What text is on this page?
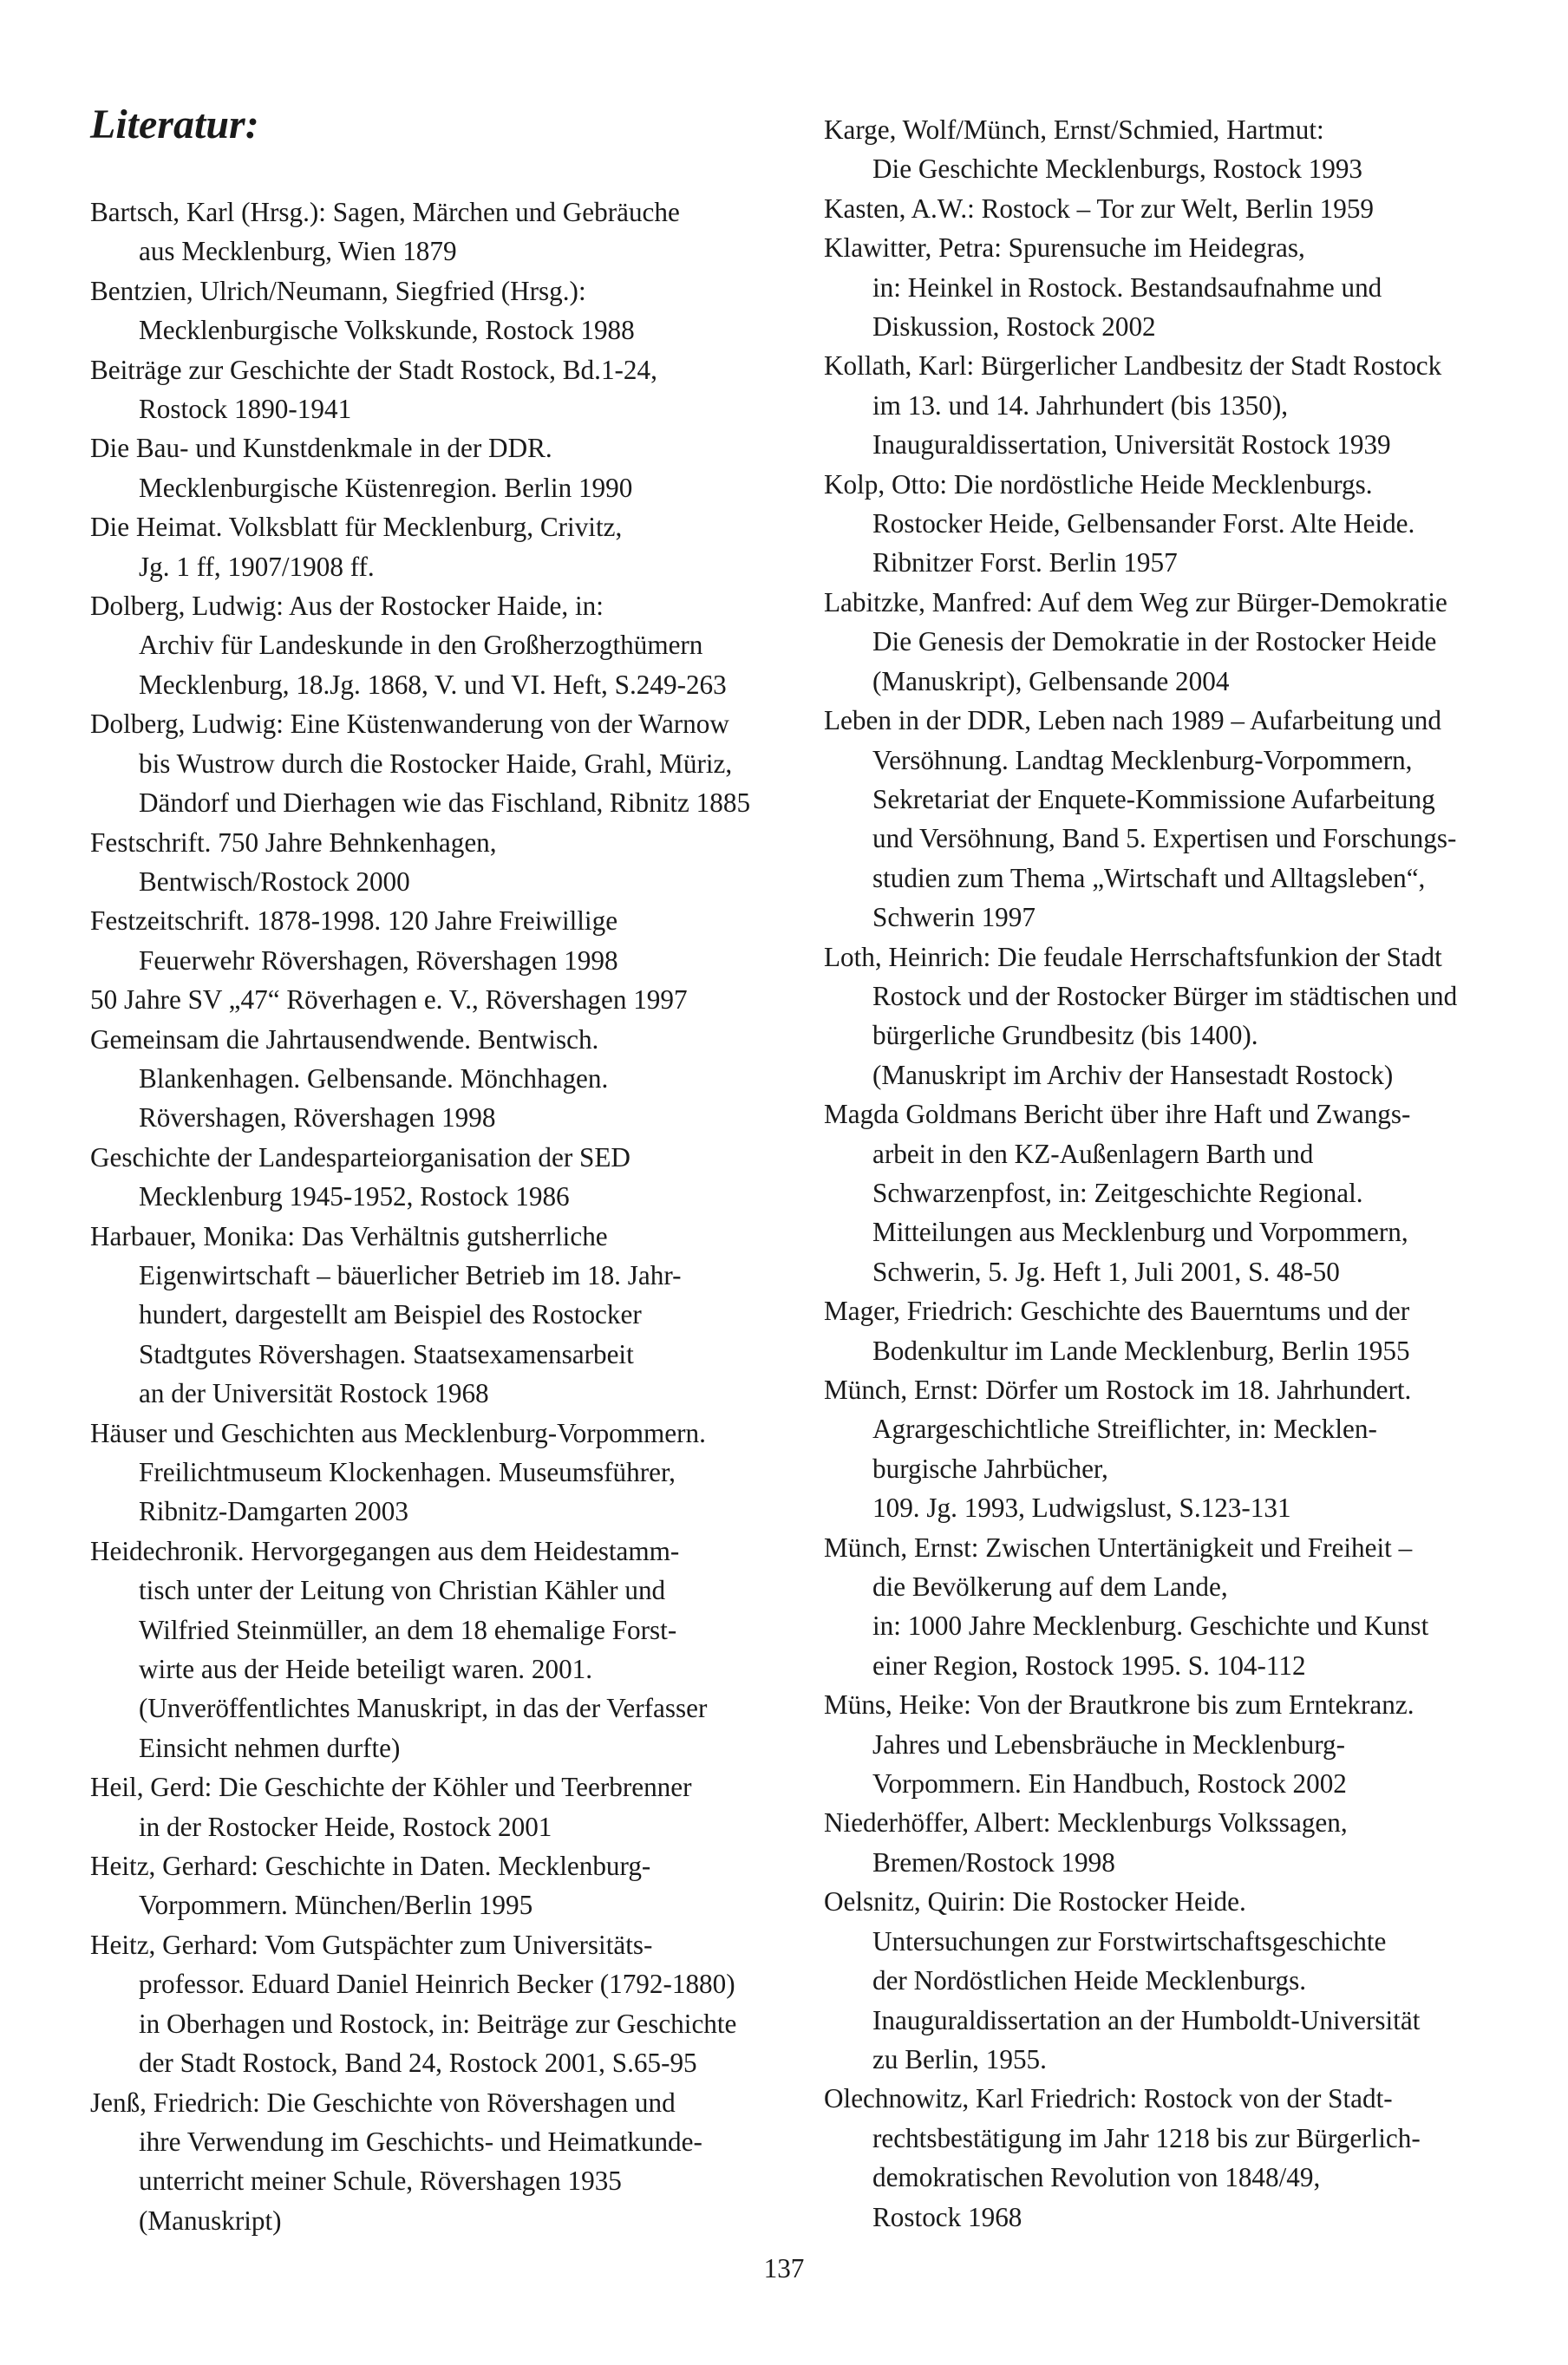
Literatur:
Bartsch, Karl (Hrsg.): Sagen, Märchen und Gebräuche
aus Mecklenburg, Wien 1879
Bentzien, Ulrich/Neumann, Siegfried (Hrsg.):
Mecklenburgische Volkskunde, Rostock 1988
Beiträge zur Geschichte der Stadt Rostock, Bd.1-24,
Rostock 1890-1941
Die Bau- und Kunstdenkmale in der DDR.
Mecklenburgische Küstenregion. Berlin 1990
Die Heimat. Volksblatt für Mecklenburg, Crivitz,
Jg. 1 ff, 1907/1908 ff.
Dolberg, Ludwig: Aus der Rostocker Haide, in:
Archiv für Landeskunde in den Großherzogthümern
Mecklenburg, 18.Jg. 1868, V. und VI. Heft, S.249-263
Dolberg, Ludwig: Eine Küstenwanderung von der Warnow
bis Wustrow durch die Rostocker Haide, Grahl, Müriz,
Dändorf und Dierhagen wie das Fischland, Ribnitz 1885
Festschrift. 750 Jahre Behnkenhagen,
Bentwisch/Rostock 2000
Festzeitschrift. 1878-1998. 120 Jahre Freiwillige
Feuerwehr Rövershagen, Rövershagen 1998
50 Jahre SV „47“ Röverhagen e. V., Rövershagen 1997
Gemeinsam die Jahrtausendwende. Bentwisch.
Blankenhagen. Gelbensande. Mönchhagen.
Rövershagen, Rövershagen 1998
Geschichte der Landesparteiorganisation der SED
Mecklenburg 1945-1952, Rostock 1986
Harbauer, Monika: Das Verhältnis gutsherrliche
Eigenwirtschaft – bäuerlicher Betrieb im 18. Jahr-
hundert, dargestellt am Beispiel des Rostocker
Stadtgutes Rövershagen. Staatsexamensarbeit
an der Universität Rostock 1968
Häuser und Geschichten aus Mecklenburg-Vorpommern.
Freilichtmuseum Klockenhagen. Museumsführer,
Ribnitz-Damgarten 2003
Heidechronik. Hervorgegangen aus dem Heidestamm-
tisch unter der Leitung von Christian Kähler und
Wilfried Steinmüller, an dem 18 ehemalige Forst-
wirte aus der Heide beteiligt waren. 2001.
(Unveröffentlichtes Manuskript, in das der Verfasser
Einsicht nehmen durfte)
Heil, Gerd: Die Geschichte der Köhler und Teerbrenner
in der Rostocker Heide, Rostock 2001
Heitz, Gerhard: Geschichte in Daten. Mecklenburg-
Vorpommern. München/Berlin 1995
Heitz, Gerhard: Vom Gutspächter zum Universitäts-
professor. Eduard Daniel Heinrich Becker (1792-1880)
in Oberhagen und Rostock, in: Beiträge zur Geschichte
der Stadt Rostock, Band 24, Rostock 2001, S.65-95
Jenß, Friedrich: Die Geschichte von Rövershagen und
ihre Verwendung im Geschichts- und Heimatkunde-
unterricht meiner Schule, Rövershagen 1935
(Manuskript)
Karge, Wolf/Münch, Ernst/Schmied, Hartmut:
Die Geschichte Mecklenburgs, Rostock 1993
Kasten, A.W.: Rostock – Tor zur Welt, Berlin 1959
Klawitter, Petra: Spurensuche im Heidegras,
in: Heinkel in Rostock. Bestandsaufnahme und
Diskussion, Rostock 2002
Kollath, Karl: Bürgerlicher Landbesitz der Stadt Rostock
im 13. und 14. Jahrhundert (bis 1350),
Inauguraldissertation, Universität Rostock 1939
Kolp, Otto: Die nordöstliche Heide Mecklenburgs.
Rostocker Heide, Gelbensander Forst. Alte Heide.
Ribnitzer Forst. Berlin 1957
Labitzke, Manfred: Auf dem Weg zur Bürger-Demokratie
Die Genesis der Demokratie in der Rostocker Heide
(Manuskript), Gelbensande 2004
Leben in der DDR, Leben nach 1989 – Aufarbeitung und
Versöhnung. Landtag Mecklenburg-Vorpommern,
Sekretariat der Enquete-Kommissione Aufarbeitung
und Versöhnung, Band 5. Expertisen und Forschungs-
studien zum Thema „Wirtschaft und Alltagsleben“,
Schwerin 1997
Loth, Heinrich: Die feudale Herrschaftsfunkion der Stadt
Rostock und der Rostocker Bürger im städtischen und
bürgerliche Grundbesitz (bis 1400).
(Manuskript im Archiv der Hansestadt Rostock)
Magda Goldmans Bericht über ihre Haft und Zwangs-
arbeit in den KZ-Außenlagern Barth und
Schwarzenpfost, in: Zeitgeschichte Regional.
Mitteilungen aus Mecklenburg und Vorpommern,
Schwerin, 5. Jg. Heft 1, Juli 2001, S. 48-50
Mager, Friedrich: Geschichte des Bauerntums und der
Bodenkultur im Lande Mecklenburg, Berlin 1955
Münch, Ernst: Dörfer um Rostock im 18. Jahrhundert.
Agrargeschichtliche Streiflichter, in: Mecklen-
burgische Jahrbücher,
109. Jg. 1993, Ludwigslust, S.123-131
Münch, Ernst: Zwischen Untertänigkeit und Freiheit –
die Bevölkerung auf dem Lande,
in: 1000 Jahre Mecklenburg. Geschichte und Kunst
einer Region, Rostock 1995. S. 104-112
Müns, Heike: Von der Brautkrone bis zum Erntekranz.
Jahres und Lebensbräuche in Mecklenburg-
Vorpommern. Ein Handbuch, Rostock 2002
Niederhöffer, Albert: Mecklenburgs Volkssagen,
Bremen/Rostock 1998
Oelsnitz, Quirin: Die Rostocker Heide.
Untersuchungen zur Forstwirtschaftsgeschichte
der Nordöstlichen Heide Mecklenburgs.
Inauguraldissertation an der Humboldt-Universität
zu Berlin, 1955.
Olechnowitz, Karl Friedrich: Rostock von der Stadt-
rechtsbestätigung im Jahr 1218 bis zur Bürgerlich-
demokratischen Revolution von 1848/49,
Rostock 1968
137
